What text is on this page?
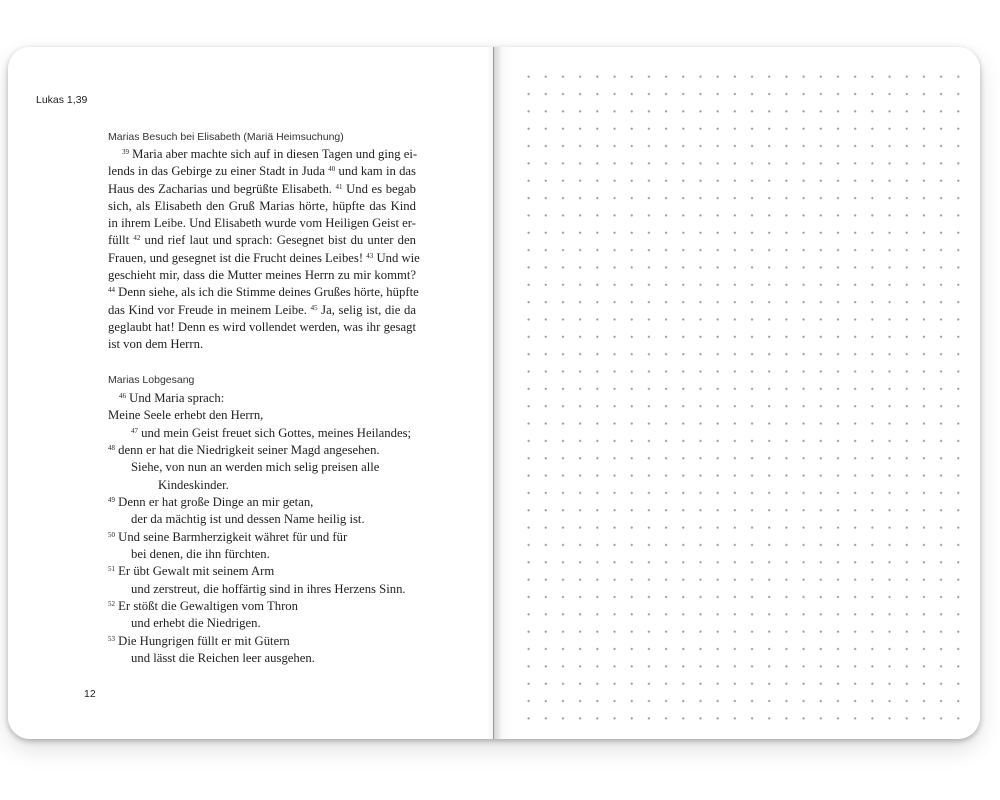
Lukas 1,39
Marias Besuch bei Elisabeth (Mariä Heimsuchung)
$^{39}$ Maria aber machte sich auf in diesen Tagen und ging ei-
lends in das Gebirge zu einer Stadt in Juda $^{40}$ und kam in das
Haus des Zacharias und begrüßte Elisabeth. $^{41}$ Und es begab
sich, als Elisabeth den Gruß Marias hörte, hüpfte das Kind
in ihrem Leibe. Und Elisabeth wurde vom Heiligen Geist er-
füllt $^{42}$ und rief laut und sprach: Gesegnet bist du unter den
Frauen, und gesegnet ist die Frucht deines Leibes! $^{43}$ Und wie
geschieht mir, dass die Mutter meines Herrn zu mir kommt?
$^{44}$ Denn siehe, als ich die Stimme deines Grußes hörte, hüpfte
das Kind vor Freude in meinem Leibe. $^{45}$ Ja, selig ist, die da
geglaubt hat! Denn es wird vollendet werden, was ihr gesagt
ist von dem Herrn.
Marias Lobgesang
$^{46}$ Und Maria sprach:
Meine Seele erhebt den Herrn,
$^{47}$ und mein Geist freuet sich Gottes, meines Heilandes;
$^{48}$ denn er hat die Niedrigkeit seiner Magd angesehen.
Siehe, von nun an werden mich selig preisen alle
Kindeskinder.
$^{49}$ Denn er hat große Dinge an mir getan,
der da mächtig ist und dessen Name heilig ist.
$^{50}$ Und seine Barmherzigkeit währet für und für
bei denen, die ihn fürchten.
$^{51}$ Er übt Gewalt mit seinem Arm
und zerstreut, die hoffärtig sind in ihres Herzens Sinn.
$^{52}$ Er stößt die Gewaltigen vom Thron
und erhebt die Niedrigen.
$^{53}$ Die Hungrigen füllt er mit Gütern
und lässt die Reichen leer ausgehen.
12
